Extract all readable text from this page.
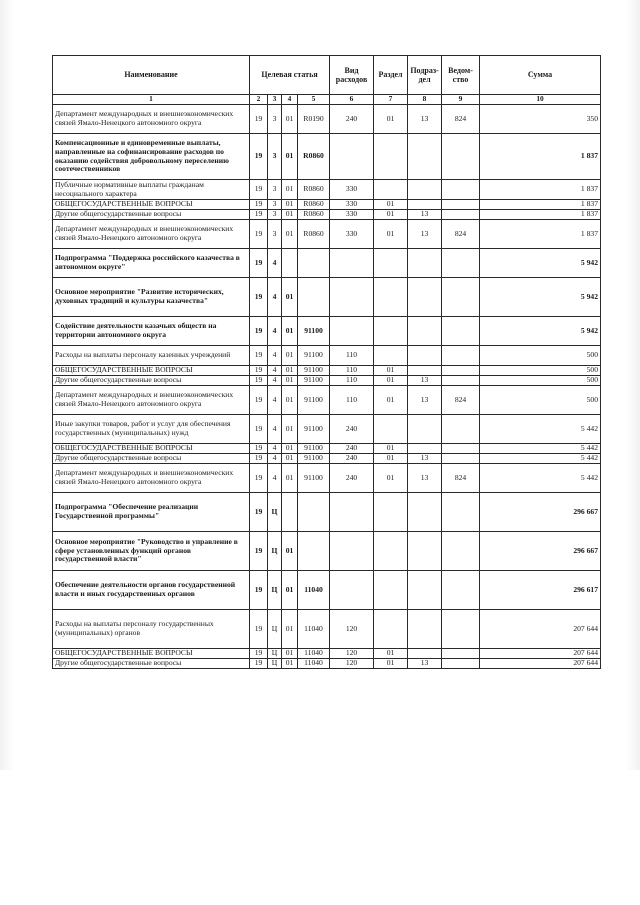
Наименование	Целевая статья				Вид расходов	Раздел	Подраз-дел	Ведом-ство	Сумма
1	2	3	4	5	6	7	8	9	10
Департамент международных и внешнеэкономических связей Ямало-Ненецкого автономного округа	19	3	01	R0190	240	01	13	824	350
Компенсационные и единовременные выплаты, направленные на софинансирование расходов по оказанию содействия добровольному переселению соотечественников	19	3	01	R0860					1 837
Публичные нормативные выплаты гражданам несоциального характера	19	3	01	R0860	330				1 837
ОБЩЕГОСУДАРСТВЕННЫЕ ВОПРОСЫ	19	3	01	R0860	330	01			1 837
Другие общегосударственные вопросы	19	3	01	R0860	330	01	13		1 837
Департамент международных и внешнеэкономических связей Ямало-Ненецкого автономного округа	19	3	01	R0860	330	01	13	824	1 837
Подпрограмма "Поддержка российского казачества в автономном округе"	19	4							5 942
Основное мероприятие "Развитие исторических, духовных традиций и культуры казачества"	19	4	01						5 942
Содействие деятельности казачьих обществ на территории автономного округа	19	4	01	91100					5 942
Расходы на выплаты персоналу казенных учреждений	19	4	01	91100	110				500
ОБЩЕГОСУДАРСТВЕННЫЕ ВОПРОСЫ	19	4	01	91100	110	01			500
Другие общегосударственные вопросы	19	4	01	91100	110	01	13		500
Департамент международных и внешнеэкономических связей Ямало-Ненецкого автономного округа	19	4	01	91100	110	01	13	824	500
Иные закупки товаров, работ и услуг для обеспечения государственных (муниципальных) нужд	19	4	01	91100	240				5 442
ОБЩЕГОСУДАРСТВЕННЫЕ ВОПРОСЫ	19	4	01	91100	240	01			5 442
Другие общегосударственные вопросы	19	4	01	91100	240	01	13		5 442
Департамент международных и внешнеэкономических связей Ямало-Ненецкого автономного округа	19	4	01	91100	240	01	13	824	5 442
Подпрограмма "Обеспечение реализации Государственной программы"	19	Ц							296 667
Основное мероприятие "Руководство и управление в сфере установленных функций органов государственной власти"	19	Ц	01						296 667
Обеспечение деятельности органов государственной власти и иных государственных органов	19	Ц	01	11040					296 617
Расходы на выплаты персоналу государственных (муниципальных) органов	19	Ц	01	11040	120				207 644
ОБЩЕГОСУДАРСТВЕННЫЕ ВОПРОСЫ	19	Ц	01	11040	120	01			207 644
Другие общегосударственные вопросы	19	Ц	01	11040	120	01	13		207 644
